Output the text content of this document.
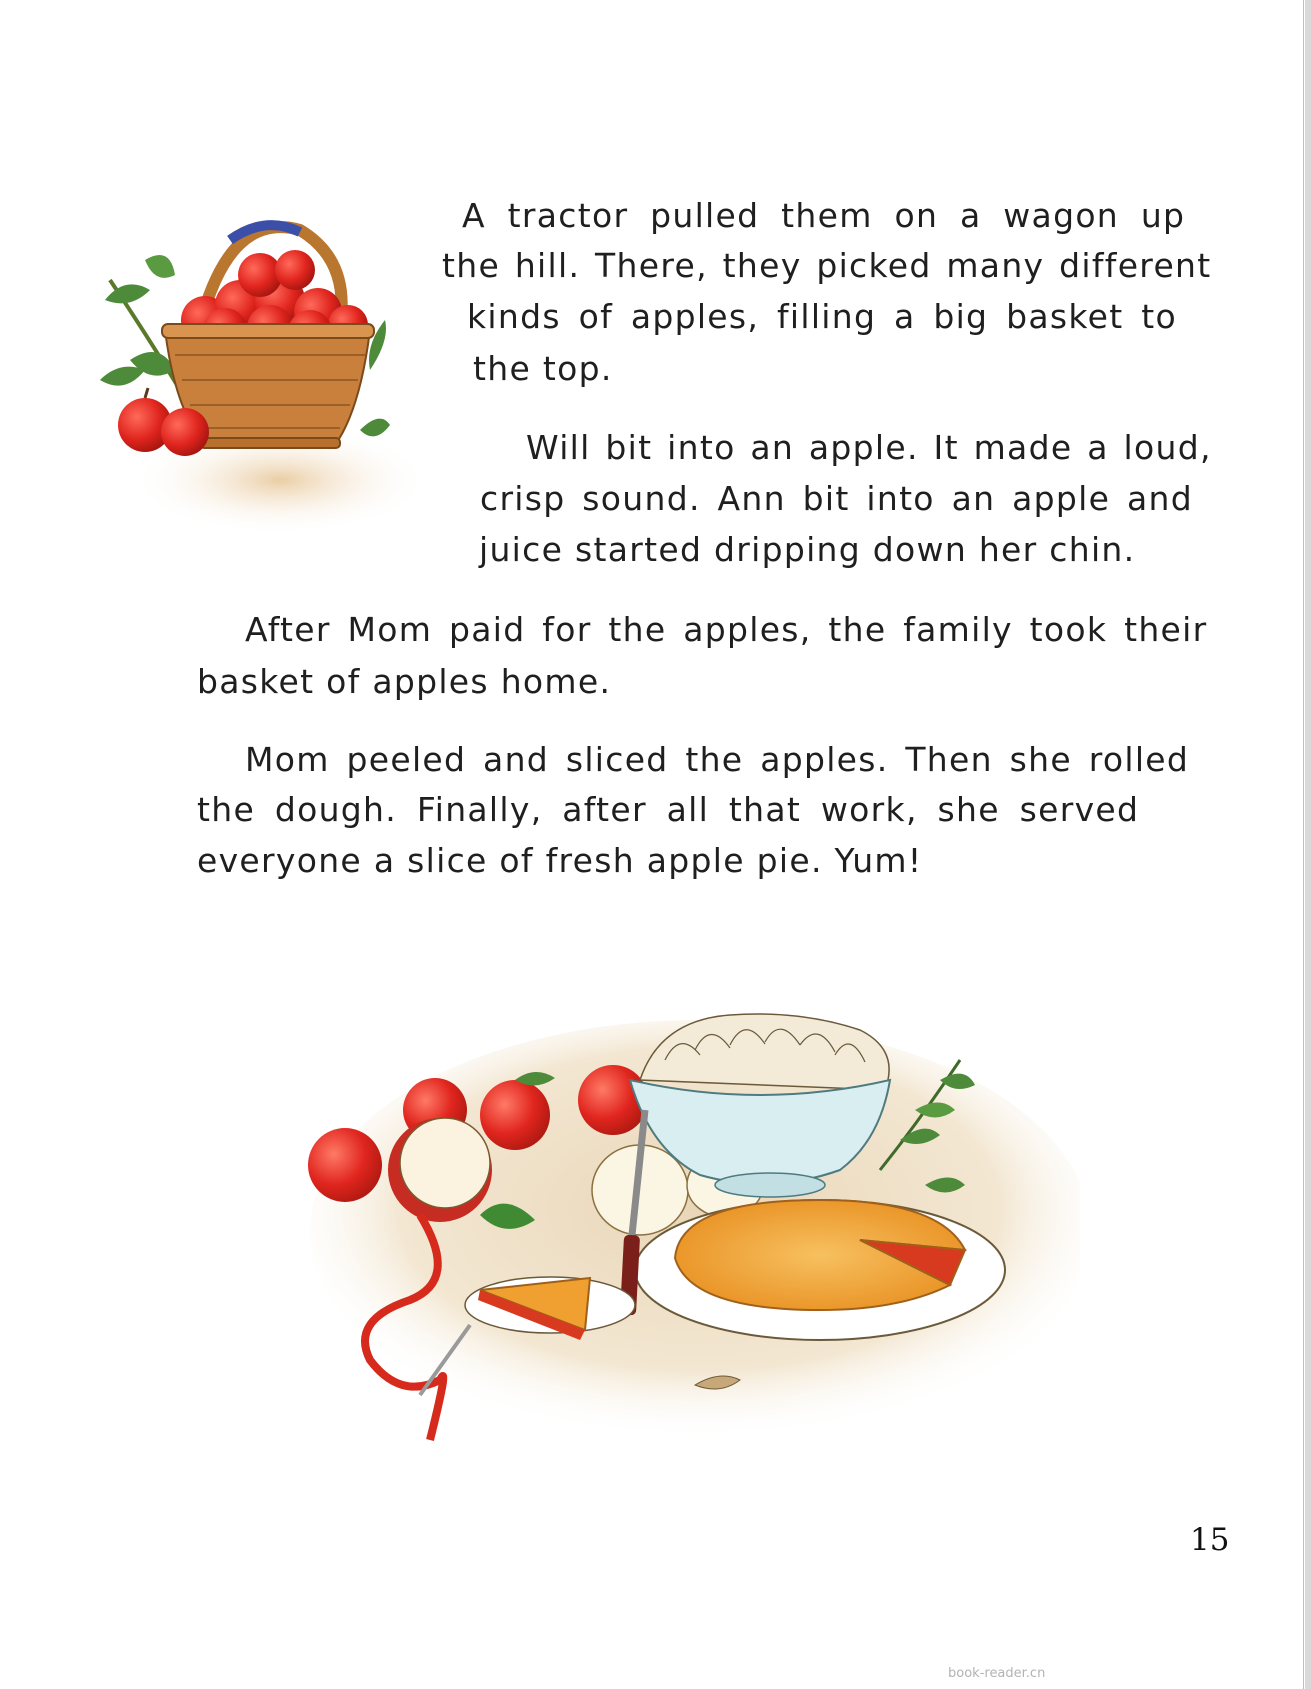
A tractor pulled them on a wagon up
the hill. There, they picked many different
kinds of apples, filling a big basket to
the top.
Will bit into an apple. It made a loud,
crisp sound. Ann bit into an apple and
juice started dripping down her chin.
After Mom paid for the apples, the family took their
basket of apples home.
Mom peeled and sliced the apples. Then she rolled
the dough. Finally, after all that work, she served
everyone a slice of fresh apple pie. Yum!
15
book-reader.cn
